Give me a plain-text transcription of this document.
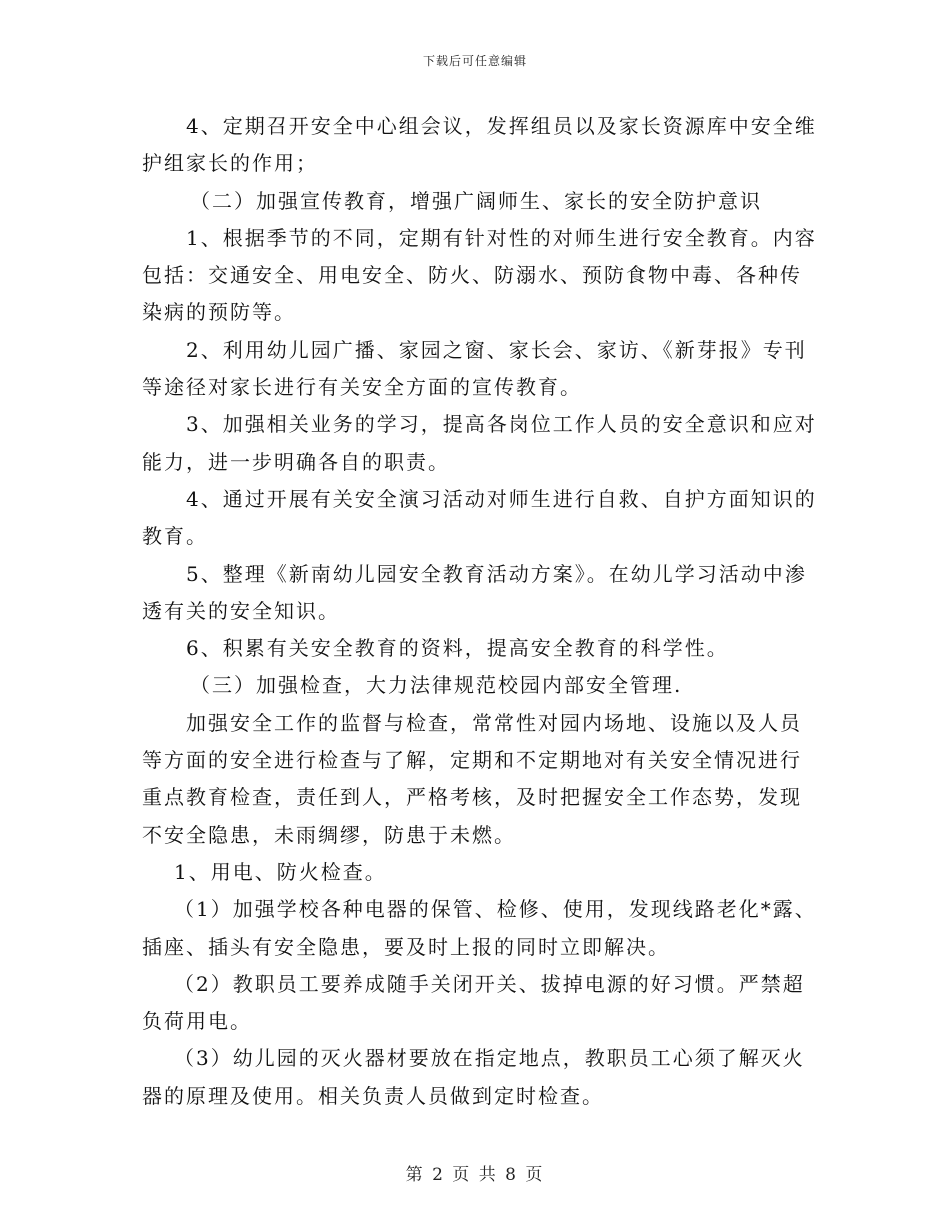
下载后可任意编辑

4、定期召开安全中心组会议，发挥组员以及家长资源库中安全维

护组家长的作用；

（二）加强宣传教育，增强广阔师生、家长的安全防护意识

1、根据季节的不同，定期有针对性的对师生进行安全教育。内容

包括：交通安全、用电安全、防火、防溺水、预防食物中毒、各种传

染病的预防等。

2、利用幼儿园广播、家园之窗、家长会、家访、《新芽报》专刊

等途径对家长进行有关安全方面的宣传教育。

3、加强相关业务的学习，提高各岗位工作人员的安全意识和应对

能力，进一步明确各自的职责。

4、通过开展有关安全演习活动对师生进行自救、自护方面知识的

教育。

5、整理《新南幼儿园安全教育活动方案》。在幼儿学习活动中渗

透有关的安全知识。

6、积累有关安全教育的资料，提高安全教育的科学性。

（三）加强检查，大力法律规范校园内部安全管理.

加强安全工作的监督与检查，常常性对园内场地、设施以及人员

等方面的安全进行检查与了解，定期和不定期地对有关安全情况进行

重点教育检查，责任到人，严格考核，及时把握安全工作态势，发现

不安全隐患，未雨绸缪，防患于未燃。

1、用电、防火检查。

（1）加强学校各种电器的保管、检修、使用，发现线路老化*露、

插座、插头有安全隐患，要及时上报的同时立即解决。

（2）教职员工要养成随手关闭开关、拔掉电源的好习惯。严禁超

负荷用电。

（3）幼儿园的灭火器材要放在指定地点，教职员工心须了解灭火

器的原理及使用。相关负责人员做到定时检查。

第 2 页 共 8 页
